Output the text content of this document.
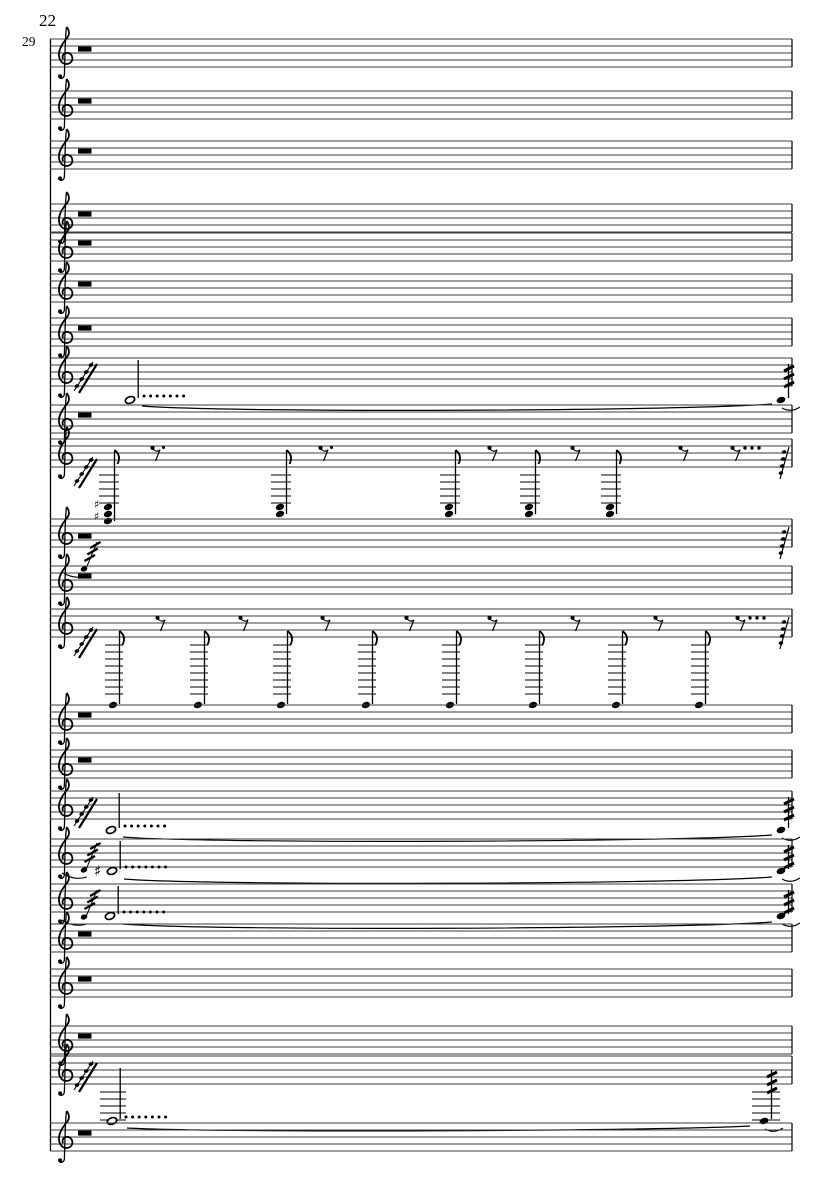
22
29
♯
♯
♯
